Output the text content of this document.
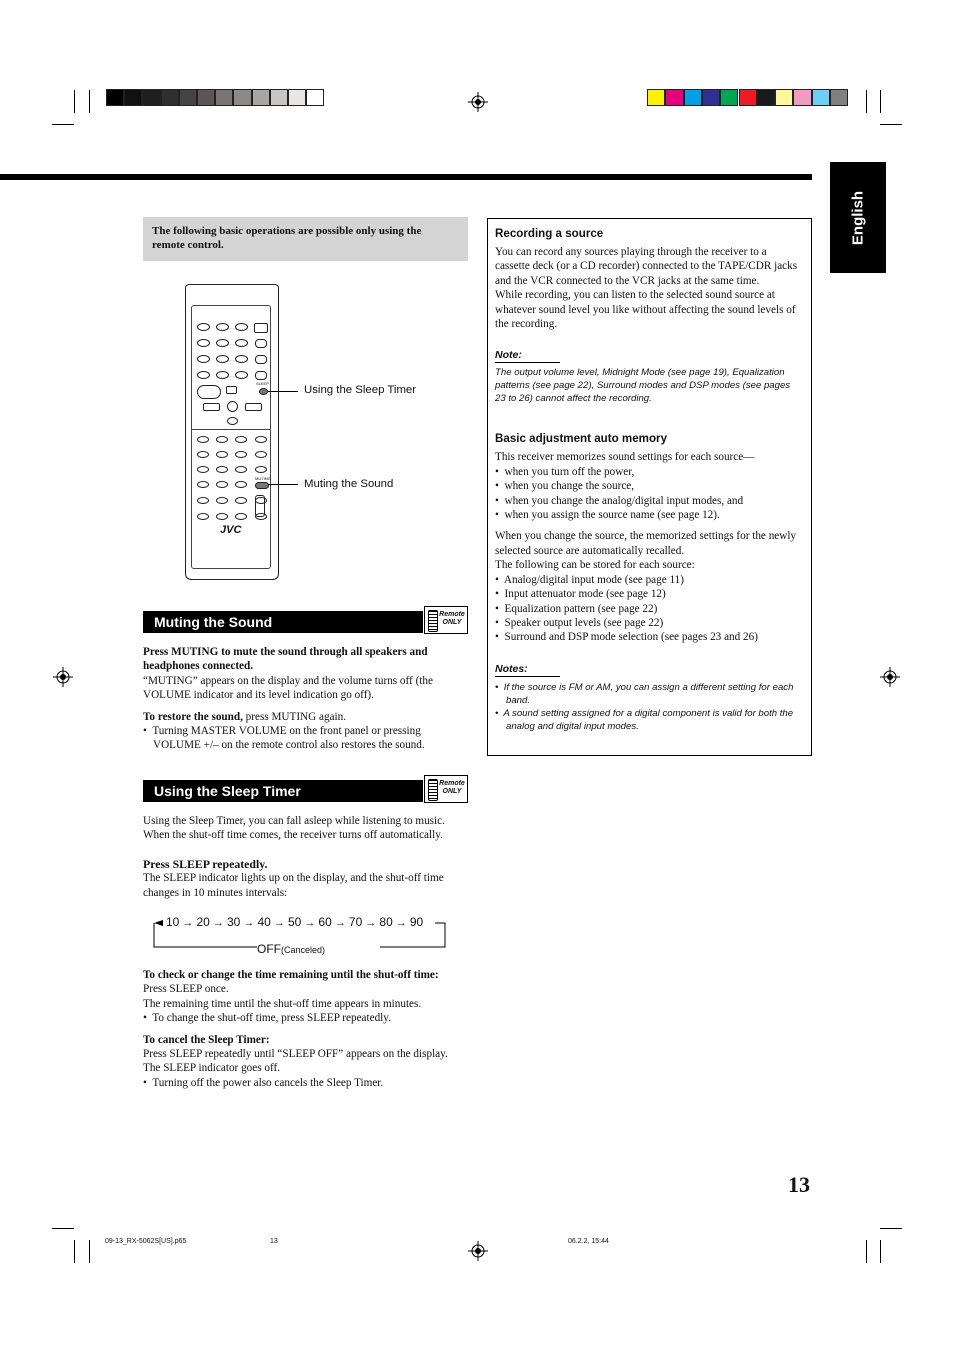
English

The following basic operations are possible only using the remote control.

SLEEP
MUTING
JVC
Using the Sleep Timer
Muting the Sound
Muting the Sound	Remote
ONLY

Press MUTING to mute the sound through all speakers and headphones connected.

“MUTING” appears on the display and the volume turns off (the VOLUME indicator and its level indication go off).

To restore the sound, press MUTING again.

•  Turning MASTER VOLUME on the front panel or pressing VOLUME +/– on the remote control also restores the sound.

Using the Sleep Timer	Remote
ONLY

Using the Sleep Timer, you can fall asleep while listening to music. When the shut-off time comes, the receiver turns off automatically.

Press SLEEP repeatedly.

The SLEEP indicator lights up on the display, and the shut-off time changes in 10 minutes intervals:

10 → 20 → 30 → 40 → 50 → 60 → 70 → 80 → 90
OFF(Canceled)

To check or change the time remaining until the shut-off time:

Press SLEEP once.

The remaining time until the shut-off time appears in minutes.

•  To change the shut-off time, press SLEEP repeatedly.

To cancel the Sleep Timer:

Press SLEEP repeatedly until “SLEEP OFF” appears on the display.

The SLEEP indicator goes off.

•  Turning off the power also cancels the Sleep Timer.

Recording a source

You can record any sources playing through the receiver to a cassette deck (or a CD recorder) connected to the TAPE/CDR jacks and the VCR connected to the VCR jacks at the same time.

While recording, you can listen to the selected sound source at whatever sound level you like without affecting the sound levels of the recording.

Note:

The output volume level, Midnight Mode (see page 19), Equalization patterns (see page 22), Surround modes and DSP modes (see pages 23 to 26) cannot affect the recording.

Basic adjustment auto memory

This receiver memorizes sound settings for each source—

•  when you turn off the power,

•  when you change the source,

•  when you change the analog/digital input modes, and

•  when you assign the source name (see page 12).

When you change the source, the memorized settings for the newly selected source are automatically recalled.

The following can be stored for each source:

•  Analog/digital input mode (see page 11)

•  Input attenuator mode (see page 12)

•  Equalization pattern (see page 22)

•  Speaker output levels (see page 22)

•  Surround and DSP mode selection (see pages 23 and 26)

Notes:

•  If the source is FM or AM, you can assign a different setting for each band.

•  A sound setting assigned for a digital component is valid for both the analog and digital input modes.

13
09-13_RX-5062S[US].p65	13	06.2.2, 15:44
